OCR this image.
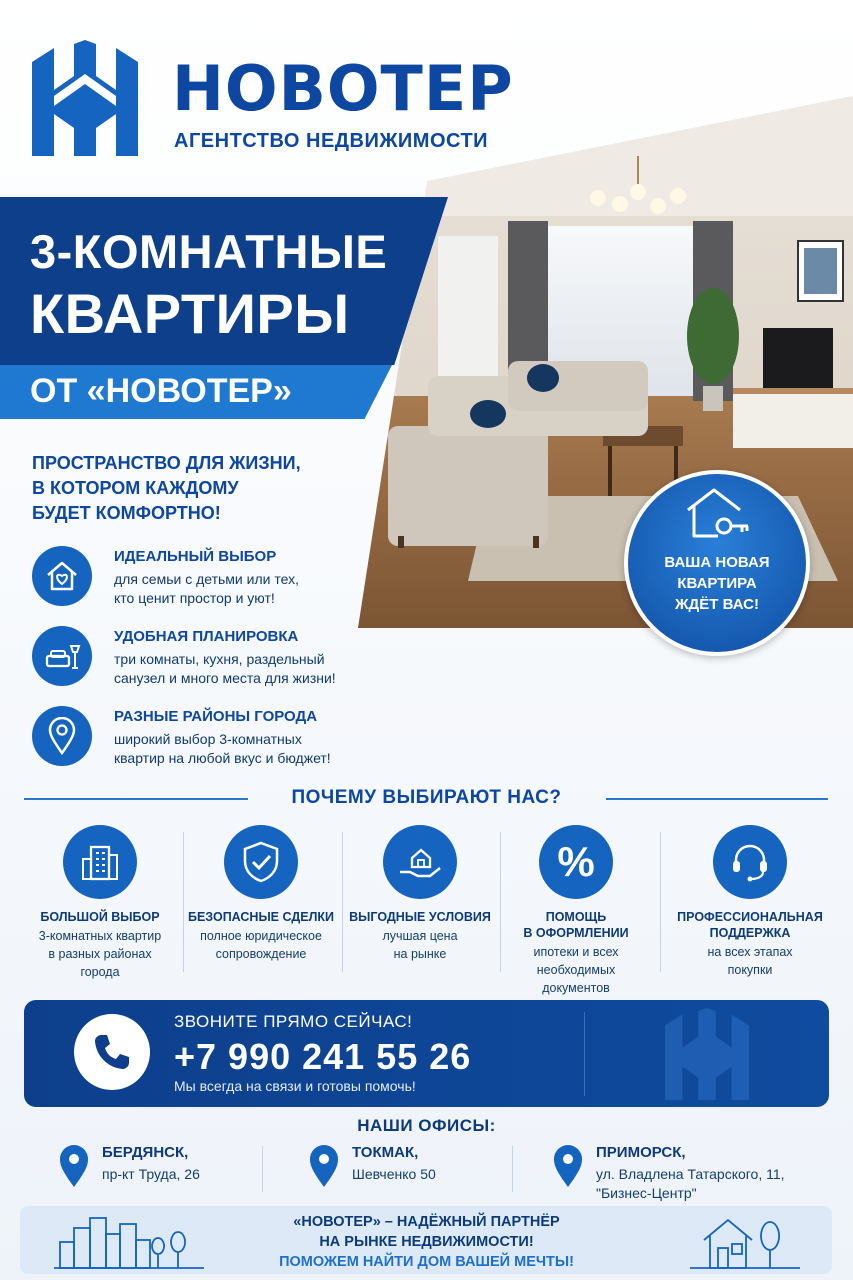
НОВОТЕР
АГЕНТСТВО НЕДВИЖИМОСТИ
3-КОМНАТНЫЕ
КВАРТИРЫ
ОТ «НОВОТЕР»
ПРОСТРАНСТВО ДЛЯ ЖИЗНИ,
В КОТОРОМ КАЖДОМУ
БУДЕТ КОМФОРТНО!
ИДЕАЛЬНЫЙ ВЫБОР
для семьи с детьми или тех,
кто ценит простор и уют!
УДОБНАЯ ПЛАНИРОВКА
три комнаты, кухня, раздельный
санузел и много места для жизни!
РАЗНЫЕ РАЙОНЫ ГОРОДА
широкий выбор 3-комнатных
квартир на любой вкус и бюджет!
ВАША НОВАЯ
КВАРТИРА
ЖДЁТ ВАС!
ПОЧЕМУ ВЫБИРАЮТ НАС?
БОЛЬШОЙ ВЫБОР
3-комнатных квартир
в разных районах
города
БЕЗОПАСНЫЕ СДЕЛКИ
полное юридическое
сопровождение
ВЫГОДНЫЕ УСЛОВИЯ
лучшая цена
на рынке
%
ПОМОЩЬ
В ОФОРМЛЕНИИ
ипотеки и всех
необходимых
документов
ПРОФЕССИОНАЛЬНАЯ
ПОДДЕРЖКА
на всех этапах
покупки
ЗВОНИТЕ ПРЯМО СЕЙЧАС!
+7 990 241 55 26
Мы всегда на связи и готовы помочь!
НАШИ ОФИСЫ:
БЕРДЯНСК,
пр-кт Труда, 26
ТОКМАК,
Шевченко 50
ПРИМОРСК,
ул. Владлена Татарского, 11,
"Бизнес-Центр"
«НОВОТЕР» – НАДЁЖНЫЙ ПАРТНЁР
НА РЫНКЕ НЕДВИЖИМОСТИ!
ПОМОЖЕМ НАЙТИ ДОМ ВАШЕЙ МЕЧТЫ!
